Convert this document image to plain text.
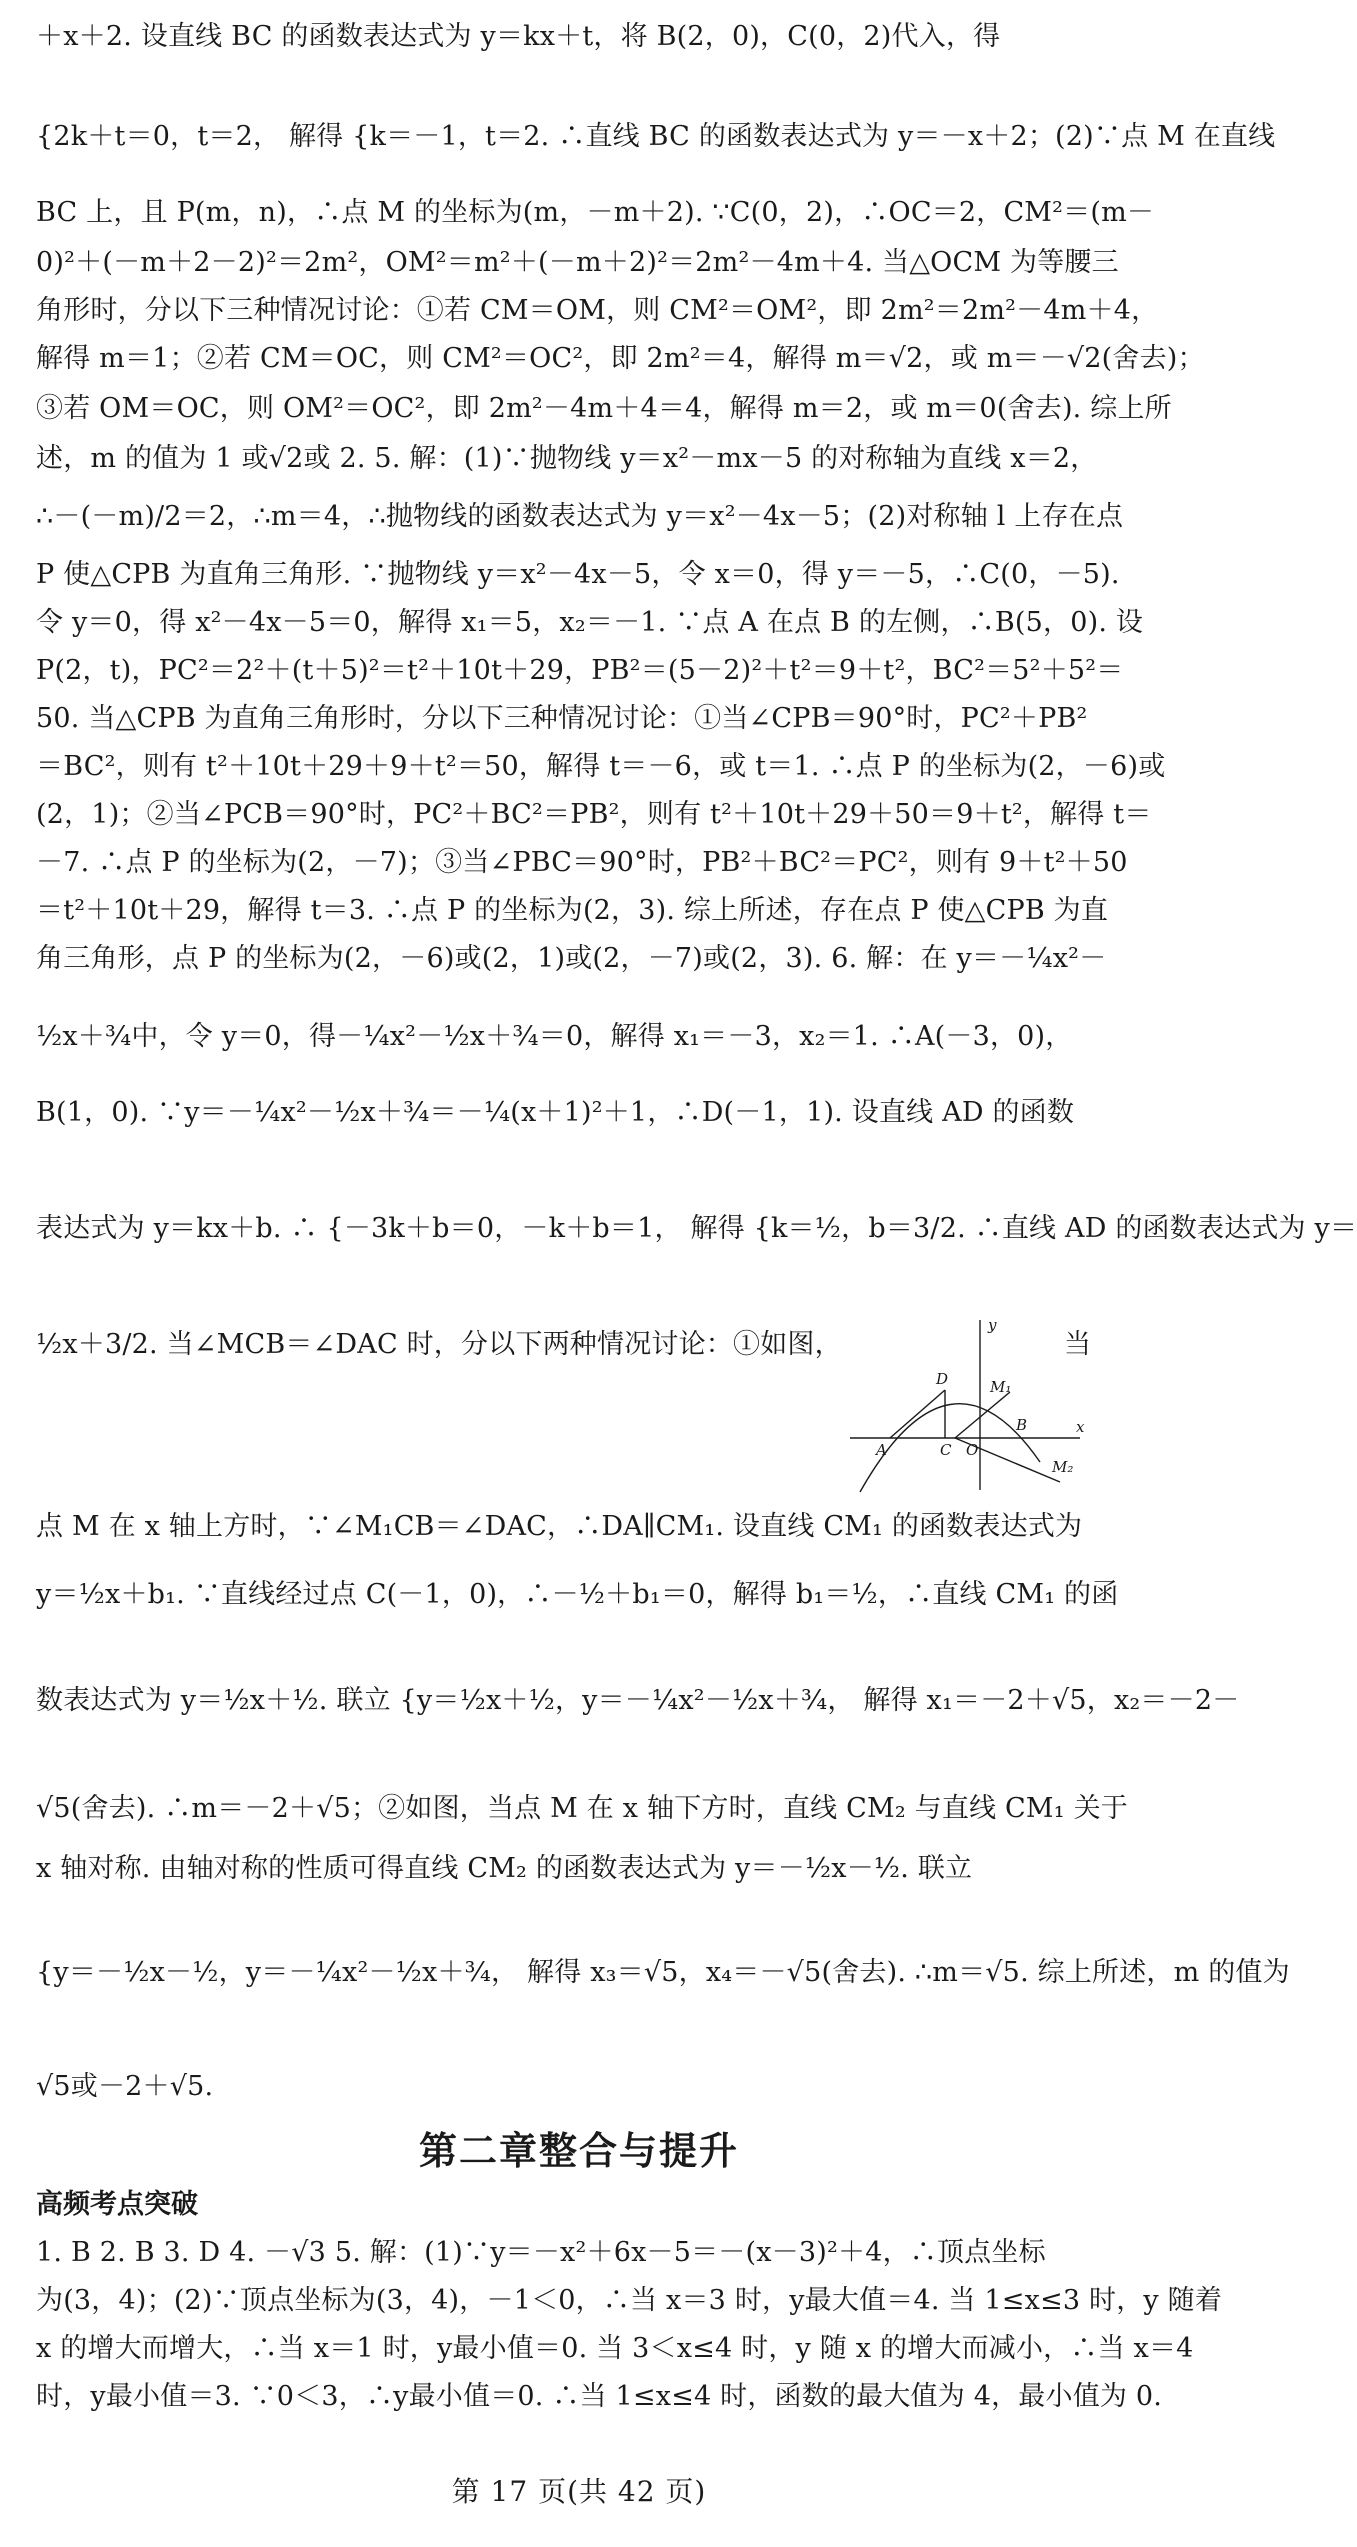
＋x＋2. 设直线 BC 的函数表达式为 y＝kx＋t，将 B(2，0)，C(0，2)代入，得
{2k＋t＝0，t＝2， 解得 {k＝－1，t＝2. ∴直线 BC 的函数表达式为 y＝－x＋2；(2)∵点 M 在直线
BC 上，且 P(m，n)，∴点 M 的坐标为(m，－m＋2). ∵C(0，2)，∴OC＝2，CM²＝(m－
0)²＋(－m＋2－2)²＝2m²，OM²＝m²＋(－m＋2)²＝2m²－4m＋4. 当△OCM 为等腰三
角形时，分以下三种情况讨论：①若 CM＝OM，则 CM²＝OM²，即 2m²＝2m²－4m＋4，
解得 m＝1；②若 CM＝OC，则 CM²＝OC²，即 2m²＝4，解得 m＝√2，或 m＝－√2(舍去)；
③若 OM＝OC，则 OM²＝OC²，即 2m²－4m＋4＝4，解得 m＝2，或 m＝0(舍去). 综上所
述，m 的值为 1 或√2或 2. 5. 解：(1)∵抛物线 y＝x²－mx－5 的对称轴为直线 x＝2，
∴－(－m)/2＝2，∴m＝4，∴抛物线的函数表达式为 y＝x²－4x－5；(2)对称轴 l 上存在点
P 使△CPB 为直角三角形. ∵抛物线 y＝x²－4x－5，令 x＝0，得 y＝－5，∴C(0，－5).
令 y＝0，得 x²－4x－5＝0，解得 x₁＝5，x₂＝－1. ∵点 A 在点 B 的左侧，∴B(5，0). 设
P(2，t)，PC²＝2²＋(t＋5)²＝t²＋10t＋29，PB²＝(5－2)²＋t²＝9＋t²，BC²＝5²＋5²＝
50. 当△CPB 为直角三角形时，分以下三种情况讨论：①当∠CPB＝90°时，PC²＋PB²
＝BC²，则有 t²＋10t＋29＋9＋t²＝50，解得 t＝－6，或 t＝1. ∴点 P 的坐标为(2，－6)或
(2，1)；②当∠PCB＝90°时，PC²＋BC²＝PB²，则有 t²＋10t＋29＋50＝9＋t²，解得 t＝
－7. ∴点 P 的坐标为(2，－7)；③当∠PBC＝90°时，PB²＋BC²＝PC²，则有 9＋t²＋50
＝t²＋10t＋29，解得 t＝3. ∴点 P 的坐标为(2，3). 综上所述，存在点 P 使△CPB 为直
角三角形，点 P 的坐标为(2，－6)或(2，1)或(2，－7)或(2，3). 6. 解：在 y＝－¼x²－
½x＋¾中，令 y＝0，得－¼x²－½x＋¾＝0，解得 x₁＝－3，x₂＝1. ∴A(－3，0)，
B(1，0). ∵y＝－¼x²－½x＋¾＝－¼(x＋1)²＋1，∴D(－1，1). 设直线 AD 的函数
表达式为 y＝kx＋b. ∴ {－3k＋b＝0，－k＋b＝1， 解得 {k＝½，b＝3/2. ∴直线 AD 的函数表达式为 y＝
½x＋3/2. 当∠MCB＝∠DAC 时，分以下两种情况讨论：①如图，	当
y
x
A	C O
B
D	M₁
M₂
点 M 在 x 轴上方时，∵∠M₁CB＝∠DAC，∴DA∥CM₁. 设直线 CM₁ 的函数表达式为
y＝½x＋b₁. ∵直线经过点 C(－1，0)，∴－½＋b₁＝0，解得 b₁＝½，∴直线 CM₁ 的函
数表达式为 y＝½x＋½. 联立 {y＝½x＋½，y＝－¼x²－½x＋¾， 解得 x₁＝－2＋√5，x₂＝－2－
√5(舍去). ∴m＝－2＋√5；②如图，当点 M 在 x 轴下方时，直线 CM₂ 与直线 CM₁ 关于
x 轴对称. 由轴对称的性质可得直线 CM₂ 的函数表达式为 y＝－½x－½. 联立
{y＝－½x－½，y＝－¼x²－½x＋¾， 解得 x₃＝√5，x₄＝－√5(舍去). ∴m＝√5. 综上所述，m 的值为
√5或－2＋√5.
第二章整合与提升
高频考点突破
1. B 2. B 3. D 4. －√3 5. 解：(1)∵y＝－x²＋6x－5＝－(x－3)²＋4，∴顶点坐标
为(3，4)；(2)∵顶点坐标为(3，4)，－1＜0，∴当 x＝3 时，y最大值＝4. 当 1≤x≤3 时，y 随着
x 的增大而增大，∴当 x＝1 时，y最小值＝0. 当 3＜x≤4 时，y 随 x 的增大而减小，∴当 x＝4
时，y最小值＝3. ∵0＜3，∴y最小值＝0. ∴当 1≤x≤4 时，函数的最大值为 4，最小值为 0.
第 17 页(共 42 页)
